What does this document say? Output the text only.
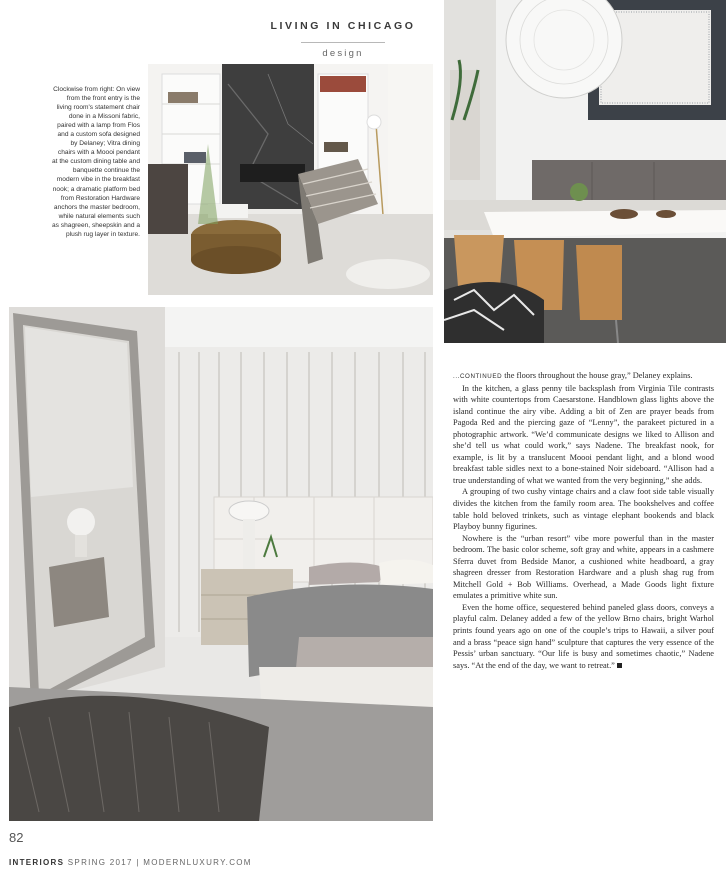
LIVING IN CHICAGO
design
Clockwise from right: On view from the front entry is the living room's statement chair done in a Missoni fabric, paired with a lamp from Flos and a custom sofa designed by Delaney; Vitra dining chairs with a Moooi pendant at the custom dining table and banquette continue the modern vibe in the breakfast nook; a dramatic platform bed from Restoration Hardware anchors the master bedroom, while natural elements such as shagreen, sheepskin and a plush rug layer in texture.

...CONTINUED the floors throughout the house gray,” Delaney explains.

In the kitchen, a glass penny tile backsplash from Virginia Tile contrasts with white countertops from Caesarstone. Handblown glass lights above the island continue the airy vibe. Adding a bit of Zen are prayer beads from Pagoda Red and the piercing gaze of “Lenny”, the parakeet pictured in a photographic artwork. “We’d communicate designs we liked to Allison and she’d tell us what could work,” says Nadene. The breakfast nook, for example, is lit by a translucent Moooi pendant light, and a blond wood breakfast table sidles next to a bone-stained Noir sideboard. “Allison had a true understanding of what we wanted from the very beginning,” she adds.

A grouping of two cushy vintage chairs and a claw foot side table visually divides the kitchen from the family room area. The bookshelves and coffee table hold beloved trinkets, such as vintage elephant bookends and black Playboy bunny figurines.

Nowhere is the “urban resort” vibe more powerful than in the master bedroom. The basic color scheme, soft gray and white, appears in a cashmere Sferra duvet from Bedside Manor, a cushioned white headboard, a gray shagreen dresser from Restoration Hardware and a plush shag rug from Mitchell Gold + Bob Williams. Overhead, a Made Goods light fixture emulates a primitive white sun.

Even the home office, sequestered behind paneled glass doors, conveys a playful calm. Delaney added a few of the yellow Brno chairs, bright Warhol prints found years ago on one of the couple’s trips to Hawaii, a silver pouf and a brass “peace sign hand” sculpture that captures the very essence of the Pessis’ urban sanctuary. “Our life is busy and sometimes chaotic,” Nadene says. “At the end of the day, we want to retreat.”

82
INTERIORS SPRING 2017 | MODERNLUXURY.COM
